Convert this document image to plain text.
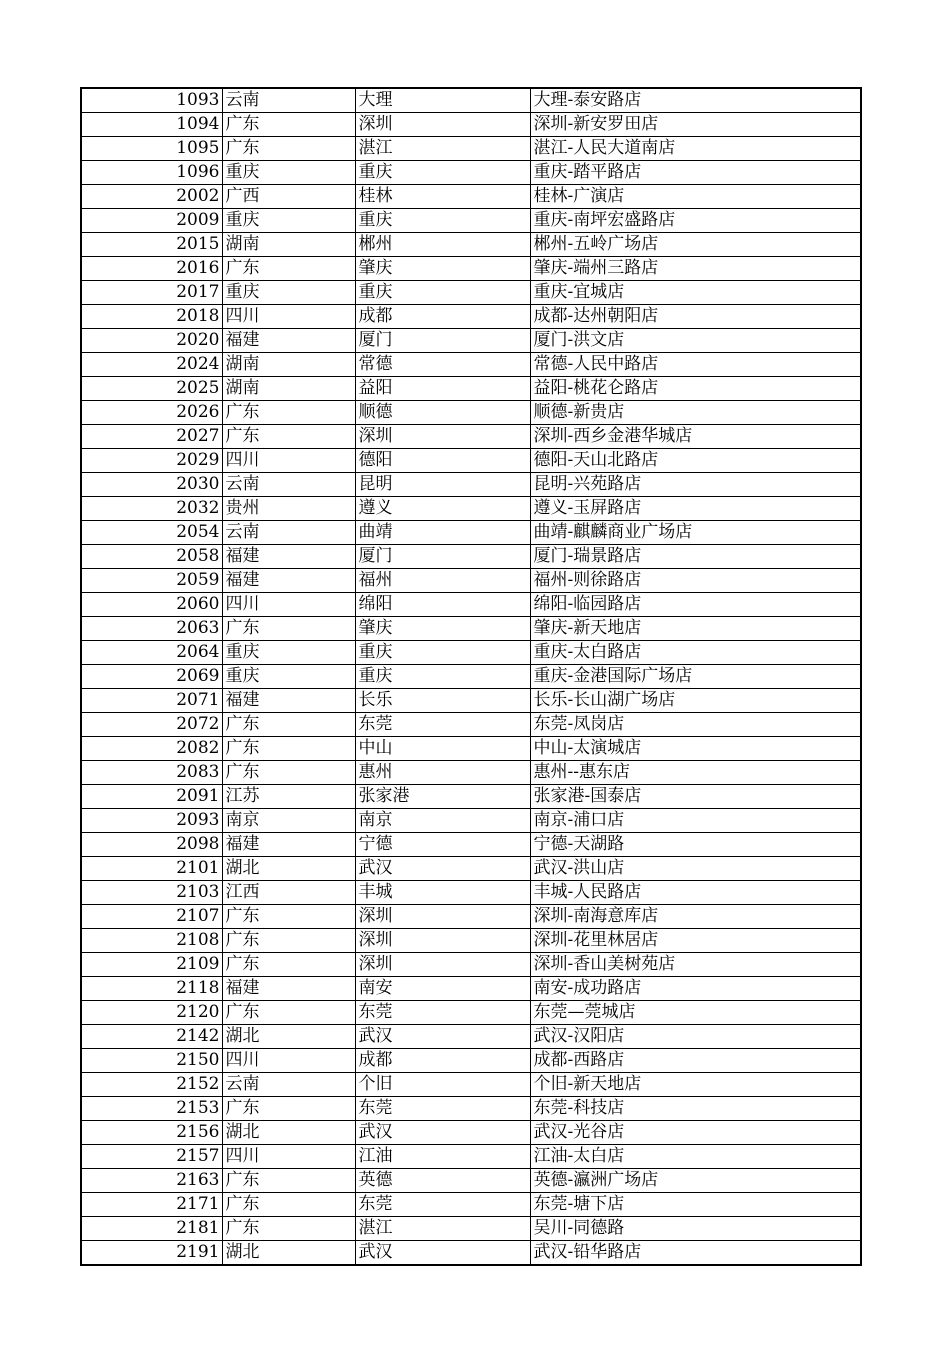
1093	云南	大理	大理-泰安路店
1094	广东	深圳	深圳-新安罗田店
1095	广东	湛江	湛江-人民大道南店
1096	重庆	重庆	重庆-踏平路店
2002	广西	桂林	桂林-广演店
2009	重庆	重庆	重庆-南坪宏盛路店
2015	湖南	郴州	郴州-五岭广场店
2016	广东	肇庆	肇庆-端州三路店
2017	重庆	重庆	重庆-宜城店
2018	四川	成都	成都-达州朝阳店
2020	福建	厦门	厦门-洪文店
2024	湖南	常德	常德-人民中路店
2025	湖南	益阳	益阳-桃花仑路店
2026	广东	顺德	顺德-新贵店
2027	广东	深圳	深圳-西乡金港华城店
2029	四川	德阳	德阳-天山北路店
2030	云南	昆明	昆明-兴苑路店
2032	贵州	遵义	遵义-玉屏路店
2054	云南	曲靖	曲靖-麒麟商业广场店
2058	福建	厦门	厦门-瑞景路店
2059	福建	福州	福州-则徐路店
2060	四川	绵阳	绵阳-临园路店
2063	广东	肇庆	肇庆-新天地店
2064	重庆	重庆	重庆-太白路店
2069	重庆	重庆	重庆-金港国际广场店
2071	福建	长乐	长乐-长山湖广场店
2072	广东	东莞	东莞-凤岗店
2082	广东	中山	中山-太演城店
2083	广东	惠州	惠州--惠东店
2091	江苏	张家港	张家港-国泰店
2093	南京	南京	南京-浦口店
2098	福建	宁德	宁德-天湖路
2101	湖北	武汉	武汉-洪山店
2103	江西	丰城	丰城-人民路店
2107	广东	深圳	深圳-南海意库店
2108	广东	深圳	深圳-花里林居店
2109	广东	深圳	深圳-香山美树苑店
2118	福建	南安	南安-成功路店
2120	广东	东莞	东莞—莞城店
2142	湖北	武汉	武汉-汉阳店
2150	四川	成都	成都-西路店
2152	云南	个旧	个旧-新天地店
2153	广东	东莞	东莞-科技店
2156	湖北	武汉	武汉-光谷店
2157	四川	江油	江油-太白店
2163	广东	英德	英德-瀛洲广场店
2171	广东	东莞	东莞-塘下店
2181	广东	湛江	吴川-同德路
2191	湖北	武汉	武汉-铅华路店
